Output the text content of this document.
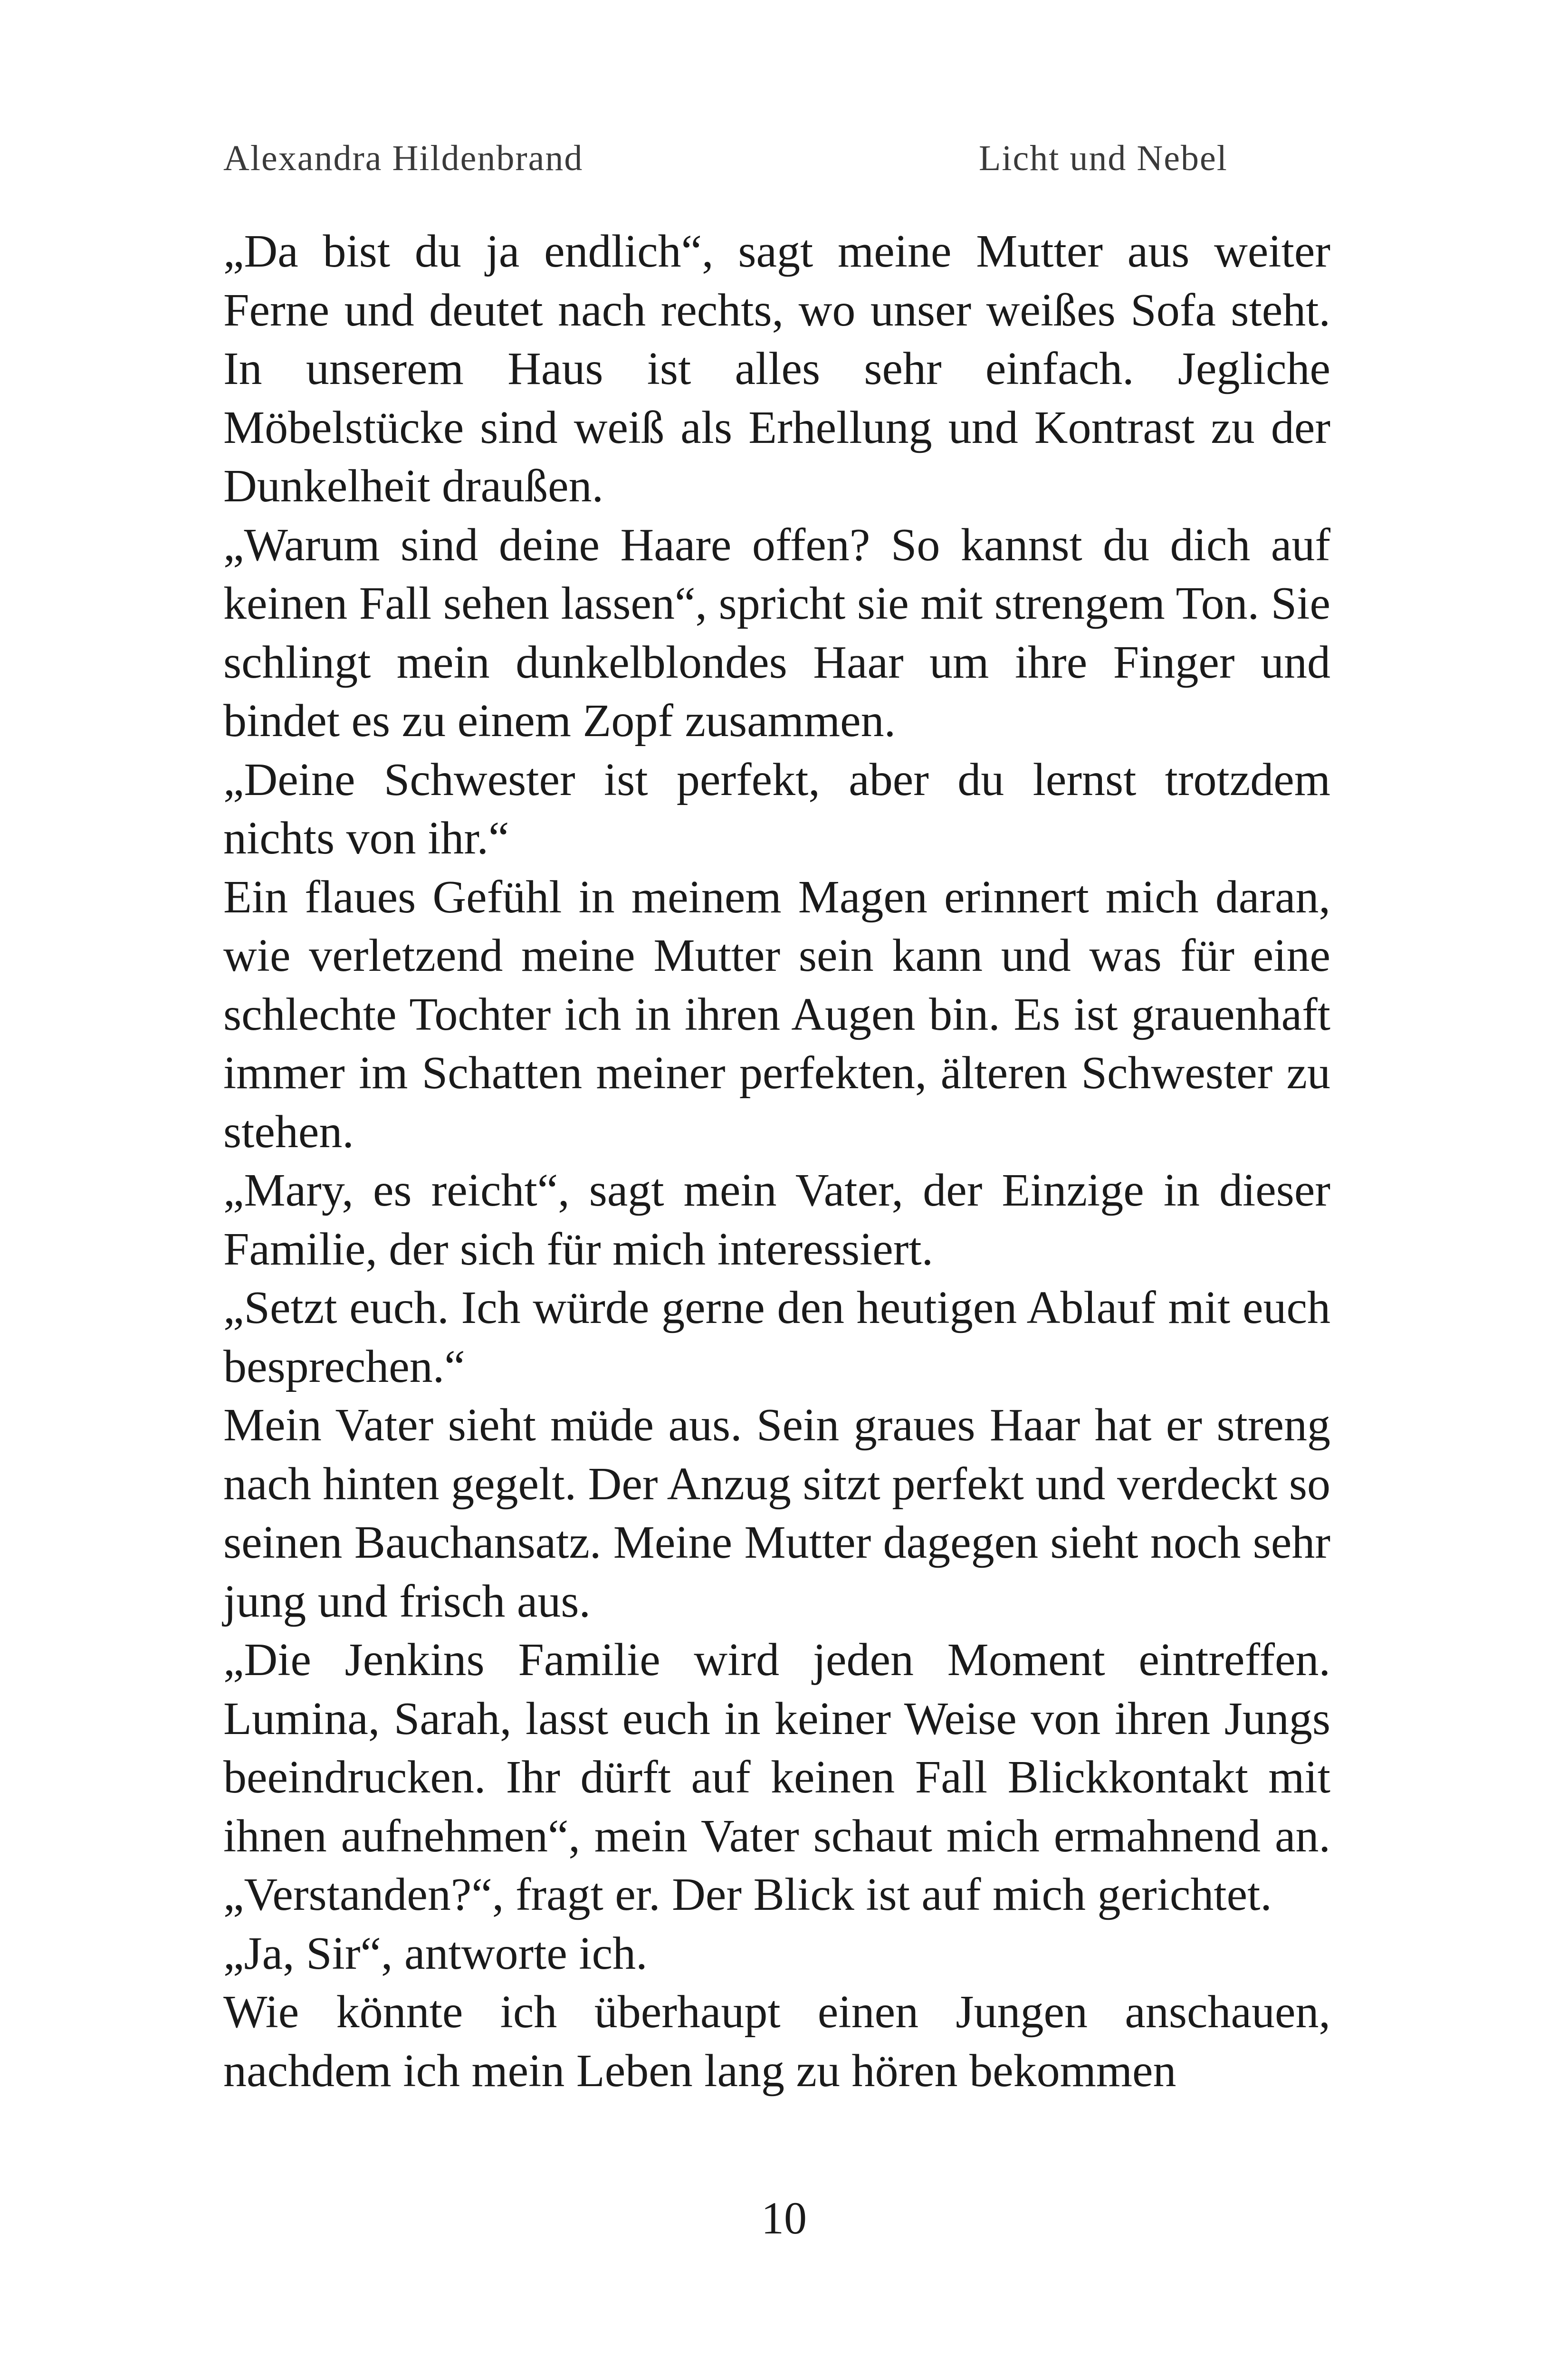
Alexandra Hildenbrand	Licht und Nebel

„Da bist du ja endlich“, sagt meine Mutter aus weiter Ferne und deutet nach rechts, wo unser weißes Sofa steht. In unserem Haus ist alles sehr einfach. Jegliche Möbelstücke sind weiß als Erhellung und Kontrast zu der Dunkelheit draußen.

„Warum sind deine Haare offen? So kannst du dich auf keinen Fall sehen lassen“, spricht sie mit strengem Ton. Sie schlingt mein dunkelblondes Haar um ihre Finger und bindet es zu einem Zopf zusammen.

„Deine Schwester ist perfekt, aber du lernst trotzdem nichts von ihr.“

Ein flaues Gefühl in meinem Magen erinnert mich daran, wie verletzend meine Mutter sein kann und was für eine schlechte Tochter ich in ihren Augen bin. Es ist grauenhaft immer im Schatten meiner perfekten, älteren Schwester zu stehen.

„Mary, es reicht“, sagt mein Vater, der Einzige in dieser Familie, der sich für mich interessiert.

„Setzt euch. Ich würde gerne den heutigen Ablauf mit euch besprechen.“

Mein Vater sieht müde aus. Sein graues Haar hat er streng nach hinten gegelt. Der Anzug sitzt perfekt und verdeckt so seinen Bauchansatz. Meine Mutter dagegen sieht noch sehr jung und frisch aus.

„Die Jenkins Familie wird jeden Moment eintreffen. Lumina, Sarah, lasst euch in keiner Weise von ihren Jungs beeindrucken. Ihr dürft auf keinen Fall Blickkontakt mit ihnen aufnehmen“, mein Vater schaut mich ermahnend an. „Verstanden?“, fragt er. Der Blick ist auf mich gerichtet.

„Ja, Sir“, antworte ich.

Wie könnte ich überhaupt einen Jungen anschauen, nachdem ich mein Leben lang zu hören bekommen

10
